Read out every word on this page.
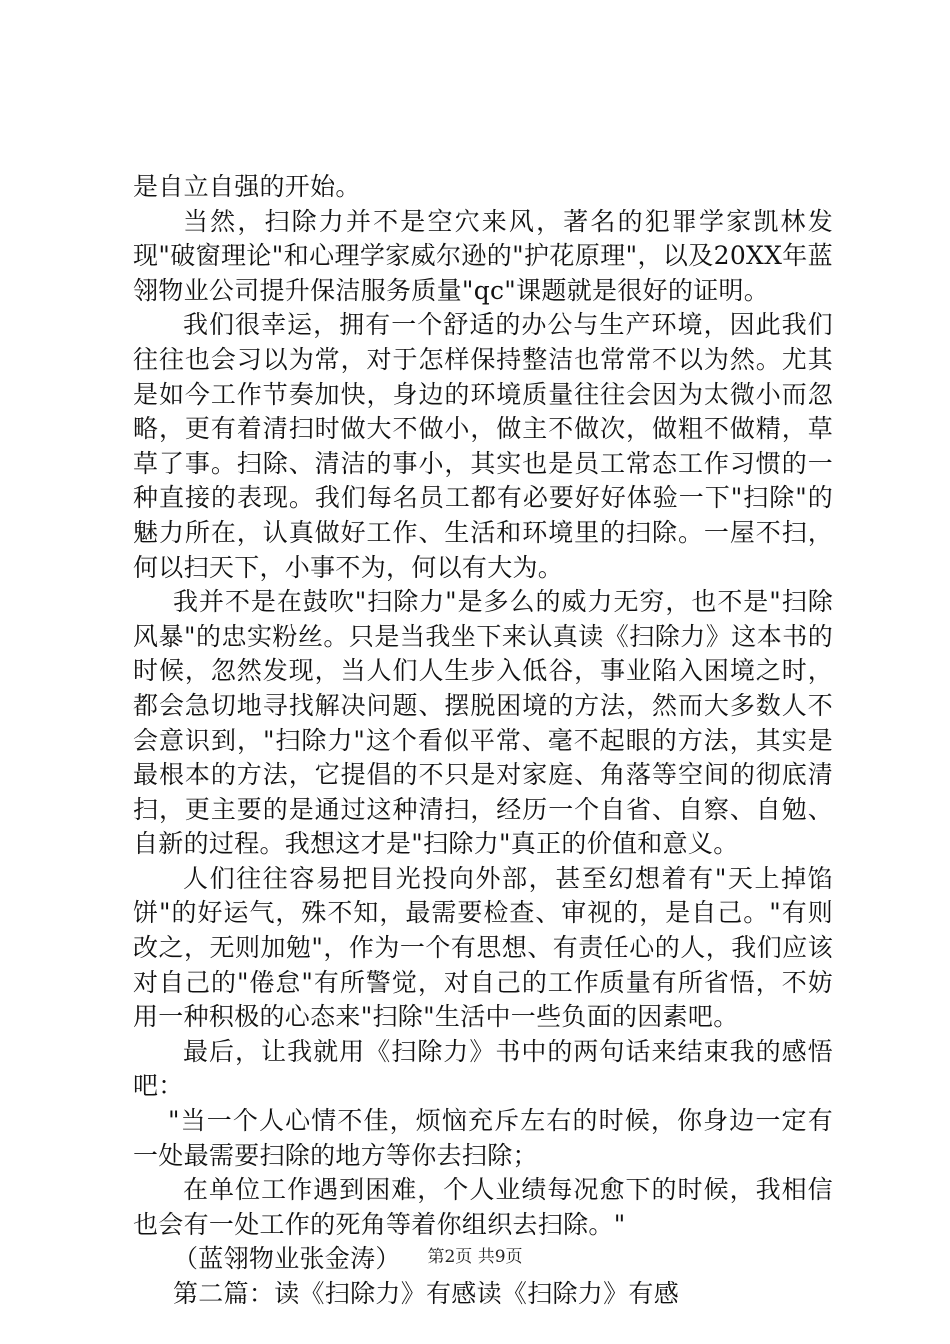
是自立自强的开始。

当然，扫除力并不是空穴来风，著名的犯罪学家凯林发现"破窗理论"和心理学家威尔逊的"护花原理"，以及20XX年蓝翎物业公司提升保洁服务质量"qc"课题就是很好的证明。

我们很幸运，拥有一个舒适的办公与生产环境，因此我们往往也会习以为常，对于怎样保持整洁也常常不以为然。尤其是如今工作节奏加快，身边的环境质量往往会因为太微小而忽略，更有着清扫时做大不做小，做主不做次，做粗不做精，草草了事。扫除、清洁的事小，其实也是员工常态工作习惯的一种直接的表现。我们每名员工都有必要好好体验一下"扫除"的魅力所在，认真做好工作、生活和环境里的扫除。一屋不扫，何以扫天下，小事不为，何以有大为。

我并不是在鼓吹"扫除力"是多么的威力无穷，也不是"扫除风暴"的忠实粉丝。只是当我坐下来认真读《扫除力》这本书的时候，忽然发现，当人们人生步入低谷，事业陷入困境之时，都会急切地寻找解决问题、摆脱困境的方法，然而大多数人不会意识到，"扫除力"这个看似平常、毫不起眼的方法，其实是最根本的方法，它提倡的不只是对家庭、角落等空间的彻底清扫，更主要的是通过这种清扫，经历一个自省、自察、自勉、自新的过程。我想这才是"扫除力"真正的价值和意义。

人们往往容易把目光投向外部，甚至幻想着有"天上掉馅饼"的好运气，殊不知，最需要检查、审视的，是自己。"有则改之，无则加勉"，作为一个有思想、有责任心的人，我们应该对自己的"倦怠"有所警觉，对自己的工作质量有所省悟，不妨用一种积极的心态来"扫除"生活中一些负面的因素吧。

最后，让我就用《扫除力》书中的两句话来结束我的感悟吧：

"当一个人心情不佳，烦恼充斥左右的时候，你身边一定有一处最需要扫除的地方等你去扫除；

在单位工作遇到困难，个人业绩每况愈下的时候，我相信也会有一处工作的死角等着你组织去扫除。"

（蓝翎物业张金涛）

第二篇：读《扫除力》有感读《扫除力》有感

第2页 共9页
